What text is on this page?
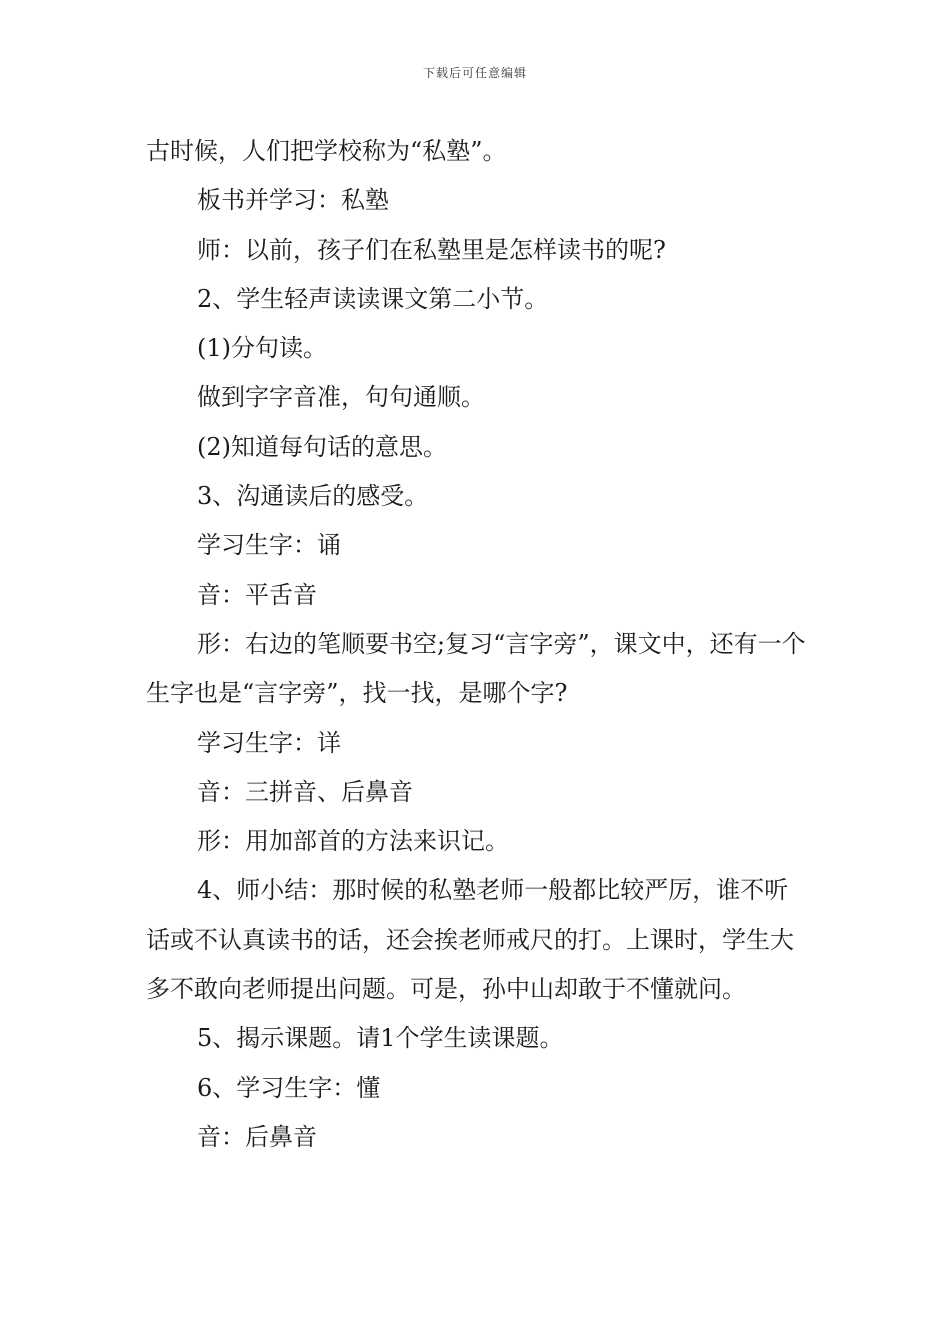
下载后可任意编辑

古时候，人们把学校称为“私塾”。

板书并学习：私塾

师：以前，孩子们在私塾里是怎样读书的呢?

2、学生轻声读读课文第二小节。

(1)分句读。

做到字字音准，句句通顺。

(2)知道每句话的意思。

3、沟通读后的感受。

学习生字：诵

音：平舌音

形：右边的笔顺要书空;复习“言字旁”，课文中，还有一个生字也是“言字旁”，找一找，是哪个字?

学习生字：详

音：三拼音、后鼻音

形：用加部首的方法来识记。

4、师小结：那时候的私塾老师一般都比较严厉，谁不听话或不认真读书的话，还会挨老师戒尺的打。上课时，学生大多不敢向老师提出问题。可是，孙中山却敢于不懂就问。

5、揭示课题。请1个学生读课题。

6、学习生字：懂

音：后鼻音
